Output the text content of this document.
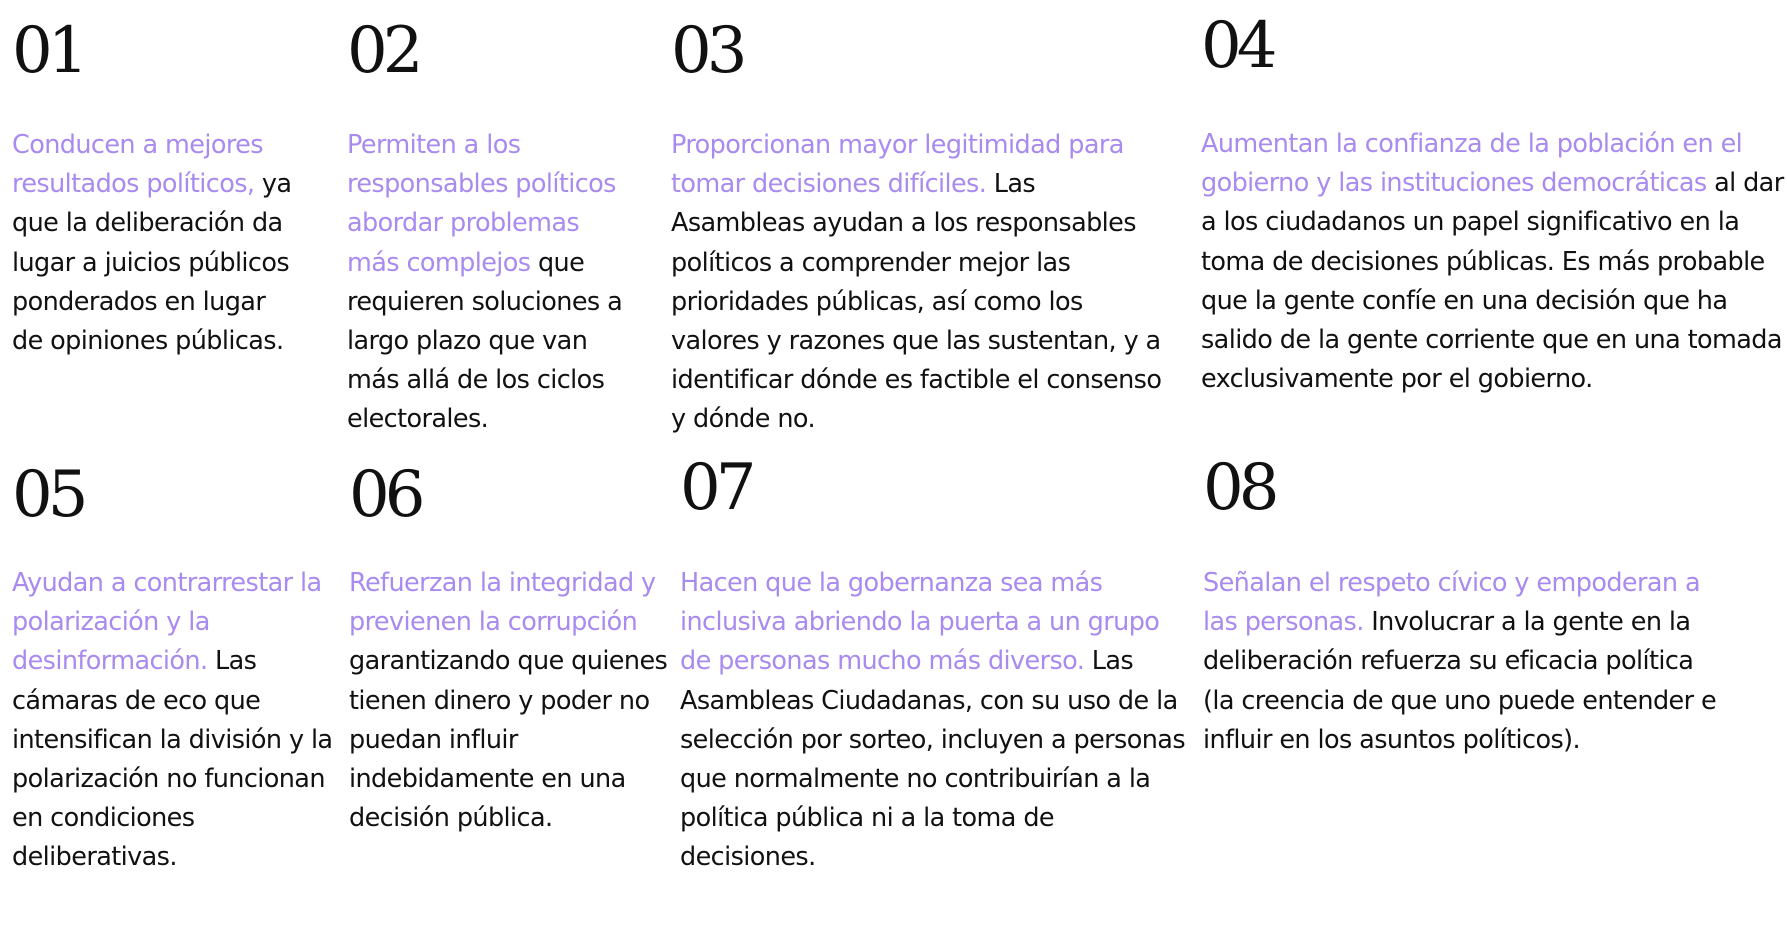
01

Conducen a mejores resultados políticos, ya que la deliberación da lugar a juicios públicos ponderados en lugar de opiniones públicas.

02

Permiten a los responsables políticos abordar problemas más complejos que requieren soluciones a largo plazo que van más allá de los ciclos electorales.

03

Proporcionan mayor legitimidad para tomar decisiones difíciles. Las Asambleas ayudan a los responsables políticos a comprender mejor las prioridades públicas, así como los valores y razones que las sustentan, y a identificar dónde es factible el consenso y dónde no.

04

Aumentan la confianza de la población en el gobierno y las instituciones democráticas al dar a los ciudadanos un papel significativo en la toma de decisiones públicas. Es más probable que la gente confíe en una decisión que ha salido de la gente corriente que en una tomada exclusivamente por el gobierno.

05

Ayudan a contrarrestar la polarización y la desinformación. Las cámaras de eco que intensifican la división y la polarización no funcionan en condiciones deliberativas.

06

Refuerzan la integridad y previenen la corrupción garantizando que quienes tienen dinero y poder no puedan influir indebidamente en una decisión pública.

07

Hacen que la gobernanza sea más inclusiva abriendo la puerta a un grupo de personas mucho más diverso. Las Asambleas Ciudadanas, con su uso de la selección por sorteo, incluyen a personas que normalmente no contribuirían a la política pública ni a la toma de decisiones.

08

Señalan el respeto cívico y empoderan a las personas. Involucrar a la gente en la deliberación refuerza su eficacia política (la creencia de que uno puede entender e influir en los asuntos políticos).
